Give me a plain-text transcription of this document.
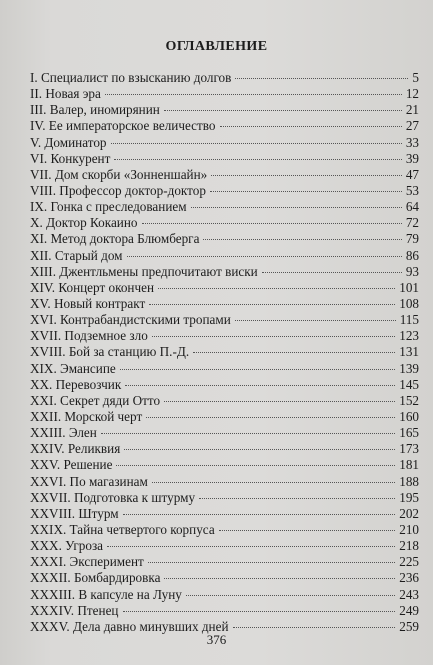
ОГЛАВЛЕНИЕ
I. Специалист по взысканию долгов	5
II. Новая эра	12
III. Валер, иномирянин	21
IV. Ее императорское величество	27
V. Доминатор	33
VI. Конкурент	39
VII. Дом скорби «Зонненшайн»	47
VIII. Профессор доктор-доктор	53
IX. Гонка с преследованием	64
X. Доктор Кокаино	72
XI. Метод доктора Блюмберга	79
XII. Старый дом	86
XIII. Джентльмены предпочитают виски	93
XIV. Концерт окончен	101
XV. Новый контракт	108
XVI. Контрабандистскими тропами	115
XVII. Подземное зло	123
XVIII. Бой за станцию П.-Д.	131
XIX. Эмансипе	139
XX. Перевозчик	145
XXI. Секрет дяди Отто	152
XXII. Морской черт	160
XXIII. Элен	165
XXIV. Реликвия	173
XXV. Решение	181
XXVI. По магазинам	188
XXVII. Подготовка к штурму	195
XXVIII. Штурм	202
XXIX. Тайна четвертого корпуса	210
XXX. Угроза	218
XXXI. Эксперимент	225
XXXII. Бомбардировка	236
XXXIII. В капсуле на Луну	243
XXXIV. Птенец	249
XXXV. Дела давно минувших дней	259
376
